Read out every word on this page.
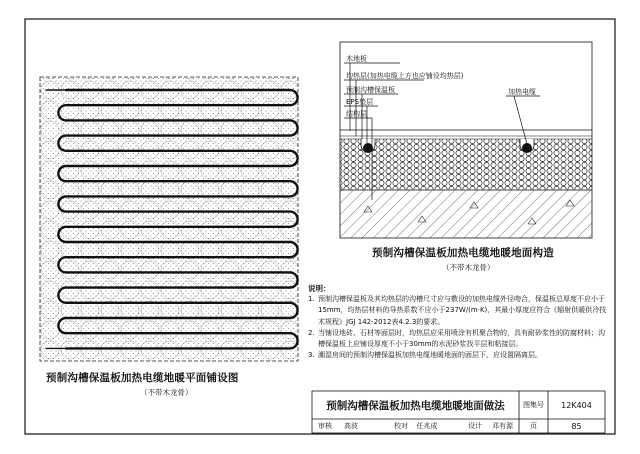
预制沟槽保温板加热电缆地暖平面铺设图
（不带木龙骨）
木地板
均热层(加热电缆上方也应铺设均热层)
预制沟槽保温板
EPS垫层
结构层
加热电缆
预制沟槽保温板加热电缆地暖地面构造
（不带木龙骨）
说明：
1. 预制沟槽保温板及其均热层的沟槽尺寸应与敷设的加热电缆外径吻合，保温板总厚度不应小于15mm，均热层材料的导热系数不应小于237W/(m·K)，其最小厚度应符合《辐射供暖供冷技术规程》JGJ 142-2012表4.2.3的要求。
2. 当铺设地砖、石材等面层时，均热层应采用喷涂有机聚合物的，具有耐砂浆性的防腐材料；沟槽保温板上应铺设厚度不小于30mm的水泥砂浆找平层和粘接层。
3. 潮湿房间的预制沟槽保温板加热电缆地暖地面的面层下，应设置隔离层。
预制沟槽保温板加热电缆地暖地面做法	图集号	12K404
审核	高波	校对	任兆成	设计	邓有源	页	85
